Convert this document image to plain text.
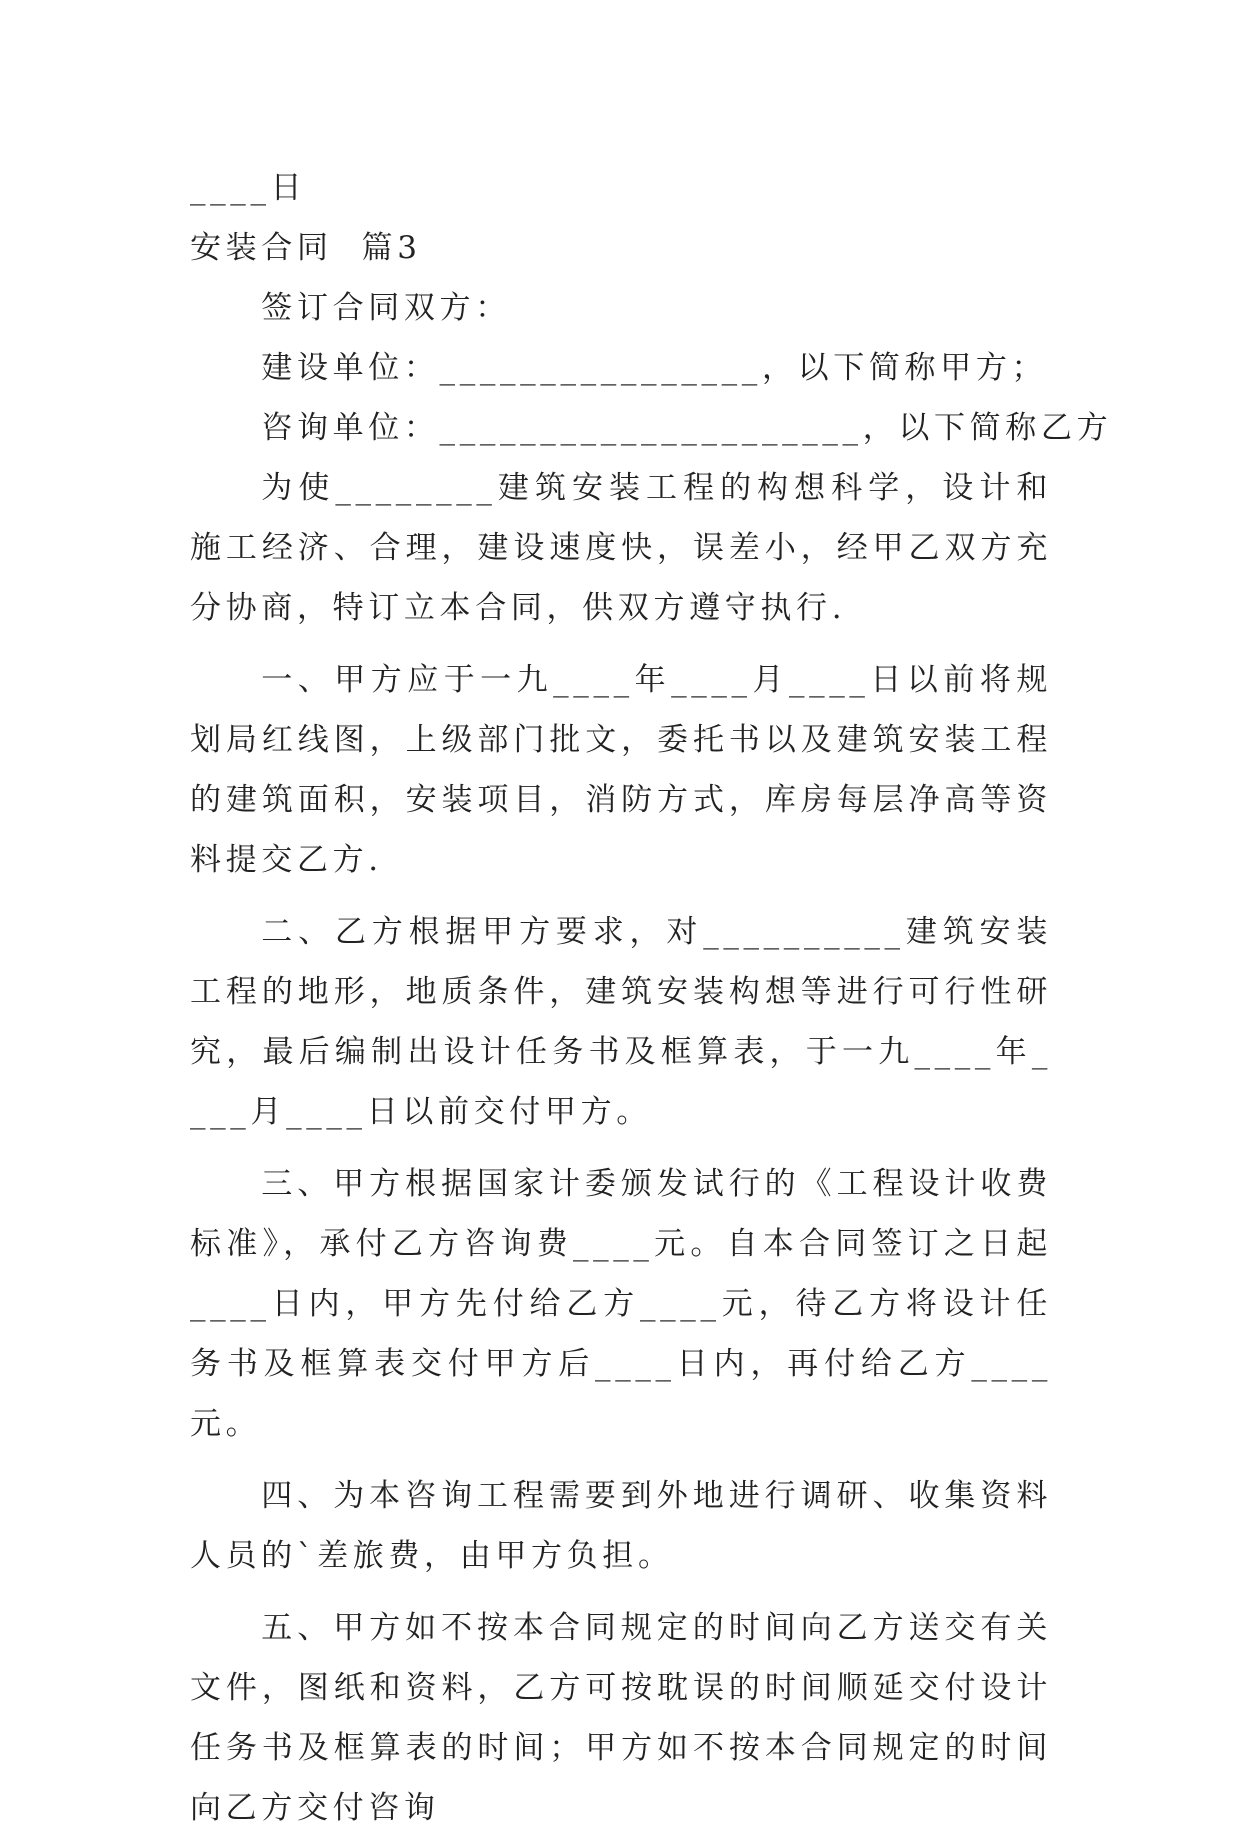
____日

安装合同  篇3

签订合同双方：

建设单位：________________，以下简称甲方；

咨询单位：_____________________，以下简称乙方

为使________建筑安装工程的构想科学，设计和施工经济、合理，建设速度快，误差小，经甲乙双方充分协商，特订立本合同，供双方遵守执行.

一、甲方应于一九____年____月____日以前将规划局红线图，上级部门批文，委托书以及建筑安装工程的建筑面积，安装项目，消防方式，库房每层净高等资料提交乙方.

二、乙方根据甲方要求，对__________建筑安装工程的地形，地质条件，建筑安装构想等进行可行性研究，最后编制出设计任务书及框算表，于一九____年____月____日以前交付甲方。

三、甲方根据国家计委颁发试行的《工程设计收费标准》，承付乙方咨询费____元。自本合同签订之日起____日内，甲方先付给乙方____元，待乙方将设计任务书及框算表交付甲方后____日内，再付给乙方____元。

四、为本咨询工程需要到外地进行调研、收集资料人员的`差旅费，由甲方负担。

五、甲方如不按本合同规定的时间向乙方送交有关文件，图纸和资料，乙方可按耽误的时间顺延交付设计任务书及框算表的时间；甲方如不按本合同规定的时间向乙方交付咨询
